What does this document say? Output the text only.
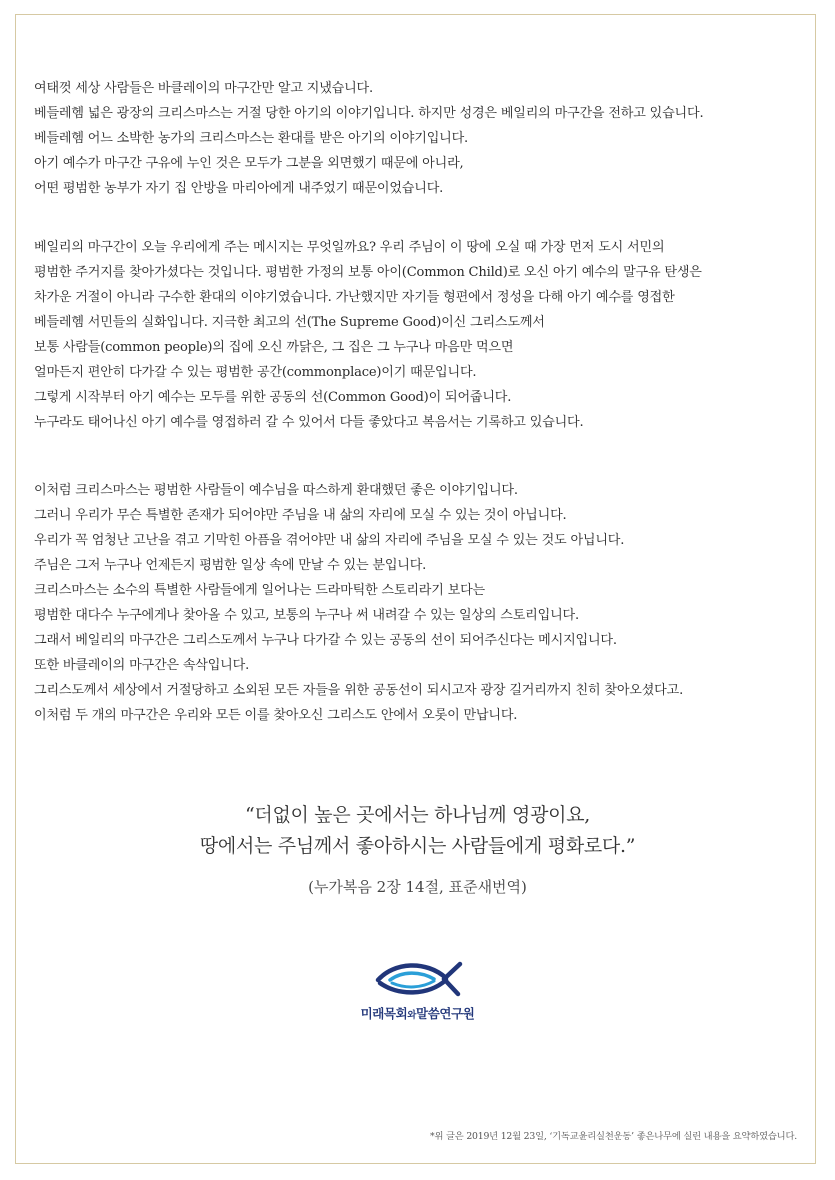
여태껏 세상 사람들은 바클레이의 마구간만 알고 지냈습니다.
베들레헴 넓은 광장의 크리스마스는 거절 당한 아기의 이야기입니다. 하지만 성경은 베일리의 마구간을 전하고 있습니다.
베들레헴 어느 소박한 농가의 크리스마스는 환대를 받은 아기의 이야기입니다.
아기 예수가 마구간 구유에 누인 것은 모두가 그분을 외면했기 때문에 아니라,
어떤 평범한 농부가 자기 집 안방을 마리아에게 내주었기 때문이었습니다.
베일리의 마구간이 오늘 우리에게 주는 메시지는 무엇일까요? 우리 주님이 이 땅에 오실 때 가장 먼저 도시 서민의
평범한 주거지를 찾아가셨다는 것입니다. 평범한 가정의 보통 아이(Common Child)로 오신 아기 예수의 말구유 탄생은
차가운 거절이 아니라 구수한 환대의 이야기였습니다. 가난했지만 자기들 형편에서 정성을 다해 아기 예수를 영접한
베들레헴 서민들의 실화입니다. 지극한 최고의 선(The Supreme Good)이신 그리스도께서
보통 사람들(common people)의 집에 오신 까닭은, 그 집은 그 누구나 마음만 먹으면
얼마든지 편안히 다가갈 수 있는 평범한 공간(commonplace)이기 때문입니다.
그렇게 시작부터 아기 예수는 모두를 위한 공동의 선(Common Good)이 되어줍니다.
누구라도 태어나신 아기 예수를 영접하러 갈 수 있어서 다들 좋았다고 복음서는 기록하고 있습니다.
이처럼 크리스마스는 평범한 사람들이 예수님을 따스하게 환대했던 좋은 이야기입니다.
그러니 우리가 무슨 특별한 존재가 되어야만 주님을 내 삶의 자리에 모실 수 있는 것이 아닙니다.
우리가 꼭 엄청난 고난을 겪고 기막힌 아픔을 겪어야만 내 삶의 자리에 주님을 모실 수 있는 것도 아닙니다.
주님은 그저 누구나 언제든지 평범한 일상 속에 만날 수 있는 분입니다.
크리스마스는 소수의 특별한 사람들에게 일어나는 드라마틱한 스토리라기 보다는
평범한 대다수 누구에게나 찾아올 수 있고, 보통의 누구나 써 내려갈 수 있는 일상의 스토리입니다.
그래서 베일리의 마구간은 그리스도께서 누구나 다가갈 수 있는 공동의 선이 되어주신다는 메시지입니다.
또한 바클레이의 마구간은 속삭입니다.
그리스도께서 세상에서 거절당하고 소외된 모든 자들을 위한 공동선이 되시고자 광장 길거리까지 친히 찾아오셨다고.
이처럼 두 개의 마구간은 우리와 모든 이를 찾아오신 그리스도 안에서 오롯이 만납니다.
“더없이 높은 곳에서는 하나님께 영광이요,
땅에서는 주님께서 좋아하시는 사람들에게 평화로다.”
(누가복음 2장 14절, 표준새번역)
미래목회와말씀연구원
*위 글은 2019년 12월 23일, ‘기독교윤리실천운동’ 좋은나무에 실린 내용을 요약하였습니다.
